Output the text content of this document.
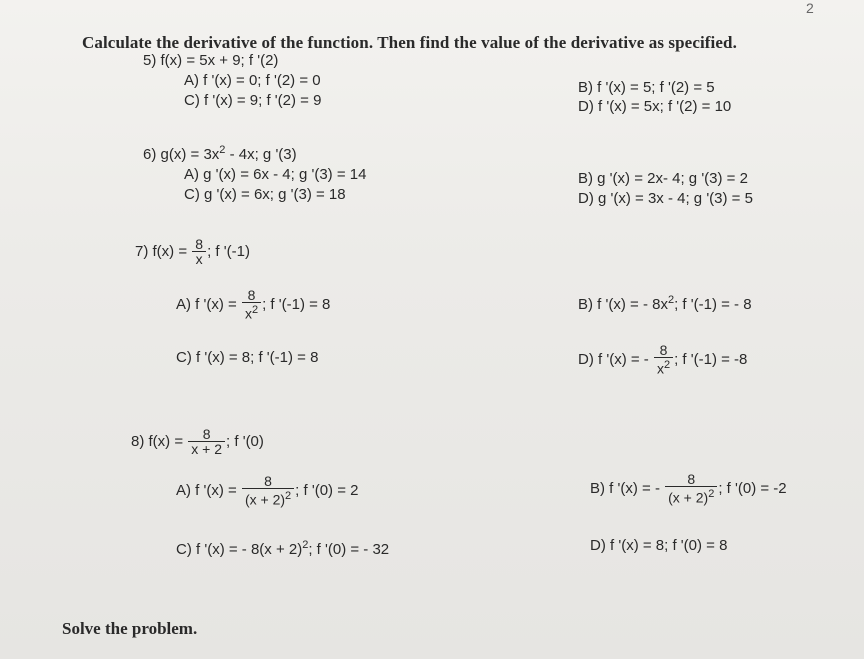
2
Calculate the derivative of the function. Then find the value of the derivative as specified.
5) f(x) = 5x + 9; f '(2)
A) f '(x) = 0; f '(2) = 0
C) f '(x) = 9; f '(2) = 9
B) f '(x) = 5; f '(2) = 5
D) f '(x) = 5x; f '(2) = 10
6) $g(x) = 3x^2 - 4x$; g '(3)
A) g '(x) = 6x - 4; g '(3) = 14
C) g '(x) = 6x; g '(3) = 18
B) g '(x) = 2x- 4; g '(3) = 2
D) g '(x) = 3x - 4; g '(3) = 5
7) $f(x) = \frac{8}{x}$ ; f '(-1)
A) f '$(x) = \frac{8}{x^2}$ ; f '(-1) = 8	B) f '(x) = - $8x^2$; f '(-1) = - 8
C) f '(x) = 8; f '(-1) = 8	D) f '(x) = - $\frac{8}{x^2}$ ; f '(-1) = -8
8) $f(x) = \frac{8}{x + 2}$ ; f '(0)
A) f '$(x) = \frac{8}{(x + 2)^2}$ ; f '(0) = 2	B) f '(x) = - $\frac{8}{(x + 2)^2}$ ; f '(0) = -2
C) f '(x) = - $8(x + 2)^2$; f '(0) = - 32	D) f '(x) = 8; f '(0) = 8
Solve the problem.
